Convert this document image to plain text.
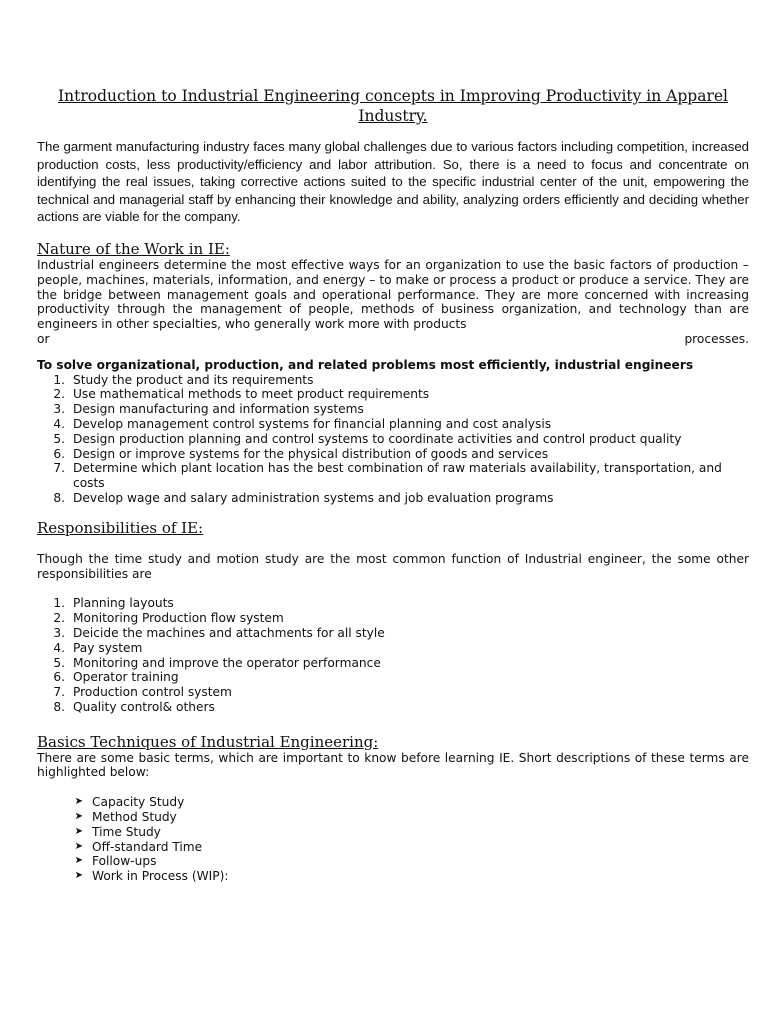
Introduction to Industrial Engineering concepts in Improving Productivity in Apparel Industry.

The garment manufacturing industry faces many global challenges due to various factors including competition, increased production costs, less productivity/efficiency and labor attribution. So, there is a need to focus and concentrate on identifying the real issues, taking corrective actions suited to the specific industrial center of the unit, empowering the technical and managerial staff by enhancing their knowledge and ability, analyzing orders efficiently and deciding whether actions are viable for the company.

Nature of the Work in IE:

Industrial engineers determine the most effective ways for an organization to use the basic factors of production – people, machines, materials, information, and energy – to make or process a product or produce a service. They are the bridge between management goals and operational performance. They are more concerned with increasing productivity through the management of people, methods of business organization, and technology than are engineers in other specialties, who generally work more with products

or	processes.

To solve organizational, production, and related problems most efficiently, industrial engineers

1. Study the product and its requirements
2. Use mathematical methods to meet product requirements
3. Design manufacturing and information systems
4. Develop management control systems for financial planning and cost analysis
5. Design production planning and control systems to coordinate activities and control product quality
6. Design or improve systems for the physical distribution of goods and services
7. Determine which plant location has the best combination of raw materials availability, transportation, and costs
8. Develop wage and salary administration systems and job evaluation programs
Responsibilities of IE:

Though the time study and motion study are the most common function of Industrial engineer, the some other responsibilities are

1. Planning layouts
2. Monitoring Production flow system
3. Deicide the machines and attachments for all style
4. Pay system
5. Monitoring and improve the operator performance
6. Operator training
7. Production control system
8. Quality control& others
Basics Techniques of Industrial Engineering:

There are some basic terms, which are important to know before learning IE. Short descriptions of these terms are highlighted below:

➤ Capacity Study
➤ Method Study
➤ Time Study
➤ Off-standard Time
➤ Follow-ups
➤ Work in Process (WIP):
